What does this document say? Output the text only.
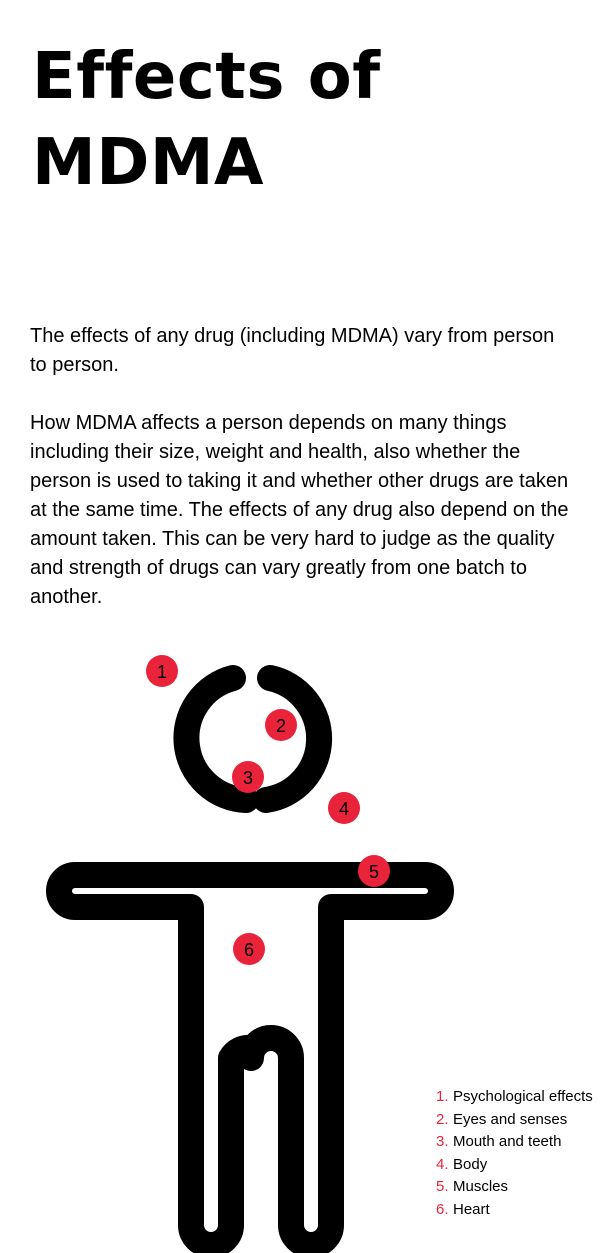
Effects of
MDMA

The effects of any drug (including MDMA) vary from person to person.

How MDMA affects a person depends on many things including their size, weight and health, also whether the person is used to taking it and whether other drugs are taken at the same time. The effects of any drug also depend on the amount taken. This can be very hard to judge as the quality and strength of drugs can vary greatly from one batch to another.

1
2
3
4
5
6
1. Psychological effects
2. Eyes and senses
3. Mouth and teeth
4. Body
5. Muscles
6. Heart
